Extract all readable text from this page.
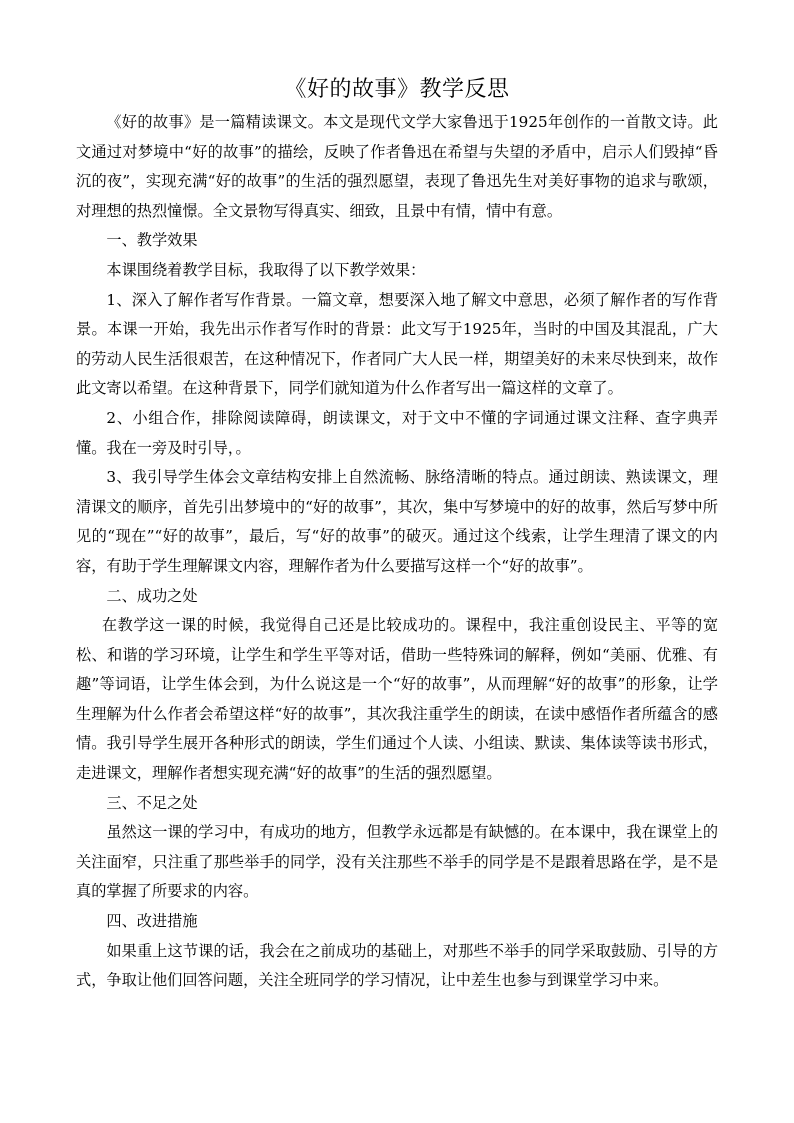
《好的故事》教学反思

《好的故事》是一篇精读课文。本文是现代文学大家鲁迅于1925年创作的一首散文诗。此文通过对梦境中“好的故事”的描绘，反映了作者鲁迅在希望与失望的矛盾中，启示人们毁掉“昏沉的夜”，实现充满“好的故事”的生活的强烈愿望，表现了鲁迅先生对美好事物的追求与歌颂，对理想的热烈憧憬。全文景物写得真实、细致，且景中有情，情中有意。

一、教学效果

本课围绕着教学目标，我取得了以下教学效果：

1、深入了解作者写作背景。一篇文章，想要深入地了解文中意思，必须了解作者的写作背景。本课一开始，我先出示作者写作时的背景：此文写于1925年，当时的中国及其混乱，广大的劳动人民生活很艰苦，在这种情况下，作者同广大人民一样，期望美好的未来尽快到来，故作此文寄以希望。在这种背景下，同学们就知道为什么作者写出一篇这样的文章了。

2、小组合作，排除阅读障碍，朗读课文，对于文中不懂的字词通过课文注释、查字典弄懂。我在一旁及时引导，。

3、我引导学生体会文章结构安排上自然流畅、脉络清晰的特点。通过朗读、熟读课文，理清课文的顺序，首先引出梦境中的“好的故事”，其次，集中写梦境中的好的故事，然后写梦中所见的“现在”“好的故事”，最后，写“好的故事”的破灭。通过这个线索，让学生理清了课文的内容，有助于学生理解课文内容，理解作者为什么要描写这样一个“好的故事”。

二、成功之处

在教学这一课的时候，我觉得自己还是比较成功的。课程中，我注重创设民主、平等的宽松、和谐的学习环境，让学生和学生平等对话，借助一些特殊词的解释，例如“美丽、优雅、有趣”等词语，让学生体会到，为什么说这是一个“好的故事”，从而理解“好的故事”的形象，让学生理解为什么作者会希望这样“好的故事”，其次我注重学生的朗读，在读中感悟作者所蕴含的感情。我引导学生展开各种形式的朗读，学生们通过个人读、小组读、默读、集体读等读书形式，走进课文，理解作者想实现充满“好的故事”的生活的强烈愿望。

三、不足之处

虽然这一课的学习中，有成功的地方，但教学永远都是有缺憾的。在本课中，我在课堂上的关注面窄，只注重了那些举手的同学，没有关注那些不举手的同学是不是跟着思路在学，是不是真的掌握了所要求的内容。

四、改进措施

如果重上这节课的话，我会在之前成功的基础上，对那些不举手的同学采取鼓励、引导的方式，争取让他们回答问题，关注全班同学的学习情况，让中差生也参与到课堂学习中来。
